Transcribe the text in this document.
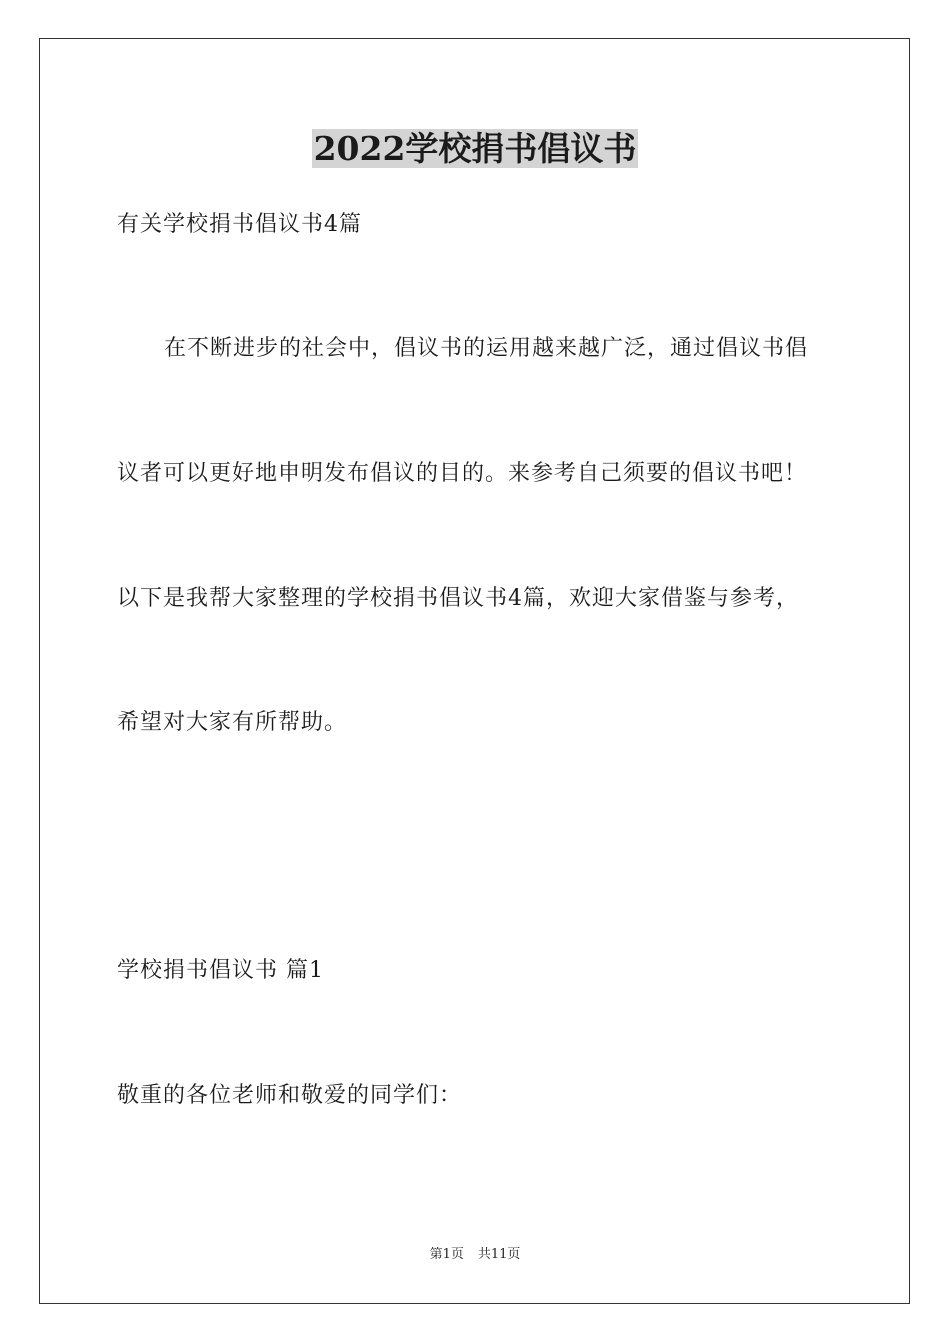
2022学校捐书倡议书

有关学校捐书倡议书4篇

在不断进步的社会中，倡议书的运用越来越广泛，通过倡议书倡

议者可以更好地申明发布倡议的目的。来参考自己须要的倡议书吧！

以下是我帮大家整理的学校捐书倡议书4篇，欢迎大家借鉴与参考，

希望对大家有所帮助。

学校捐书倡议书 篇1

敬重的各位老师和敬爱的同学们：

第1页 共11页
